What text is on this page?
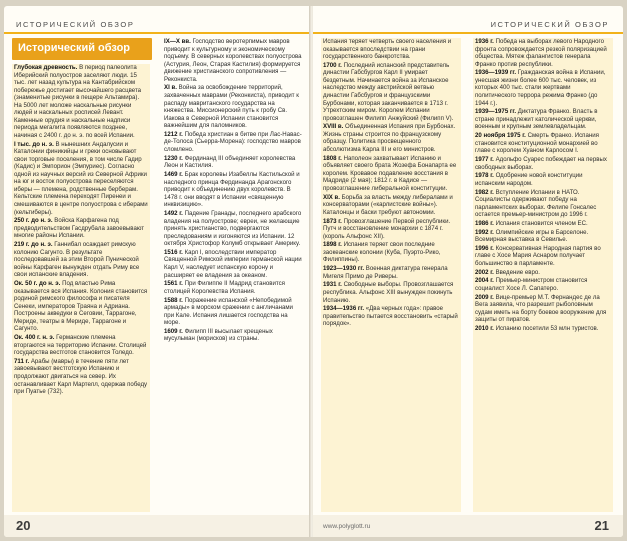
ИСТОРИЧЕСКИЙ ОБЗОР
Исторический обзор

Глубокая древность. В период палеолита Иберийский полуостров заселяют люди. 15 тыс. лет назад культура на Кантабрийском побережье достигает высочайшего расцвета (знаменитые рисунки в пещере Альтамира). На 5000 лет моложе наскальные рисунки людей и наскальных росписей Левант. Каменные орудия и наскальные надписи периода мегалита появляются позднее, начиная с 2400 г. до н. э. по всей Испании.

I тыс. до н. э. В нынешних Андалусии и Каталонии финикийцы и греки основывают свои торговые поселения, в том числе Гадир (Кадис) и Эмпорион (Эмпуриес). Согласно одной из научных версий из Северной Африки на юг и восток полуострова переселяются иберы — племена, родственные берберам. Кельтские племена переходят Пиренеи и смешиваются в центре полуострова с иберами (кельтиберы).

250 г. до н. э. Войска Карфагена под предводительством Гасдрубала завоевывают многие районы Испании.

219 г. до н. э. Ганнибал осаждает римскую колонию Сагунто. В результате последовавшей за этим Второй Пунической войны Карфаген вынужден отдать Риму все свои испанские владения.

Ок. 50 г. до н. э. Под властью Рима оказывается вся Испания. Колония становится родиной римского философа и писателя Сенеки, императоров Траяна и Адриана. Построены акведуки в Сеговии, Таррагоне, Мериде, театры в Мериде, Таррагоне и Сагунто.

Ок. 400 г. н. э. Германские племена вторгаются на территорию Испании. Столицей государства вестготов становится Толедо.

711 г. Арабы (мавры) в течение пяти лет завоевывают вестготскую Испанию и продолжают двигаться на север. Их останавливает Карл Мартелл, одержав победу при Пуатье (732).

IX—X вв. Господство веротерпимых мавров приводит к культурному и экономическому подъему. В северных королевствах полуострова (Астурия, Леон, Старая Кастилия) формируется движение христианского сопротивления — Реконкиста.

XI в. Война за освобождение территорий, захваченных маврами (Реконкиста), приводит к распаду мавританского государства на княжества. Миссионерский путь к гробу Св. Иакова в Северной Испании становится важнейшим для паломников.

1212 г. Победа христиан в битве при Лас-Навас-де-Толоса (Сьерра-Морена): господство мавров сломлено.

1230 г. Фердинанд III объединяет королевства Леон и Кастилия.

1469 г. Брак королевы Изабеллы Кастильской и наследного принца Фердинанда Арагонского приводит к объединению двух королевств. В 1478 г. они вводят в Испании «священную инквизицию».

1492 г. Падение Гранады, последнего арабского владения на полуострове; евреи, не желающие принять христианство, подвергаются преследованиям и изгоняются из Испании. 12 октября Христофор Колумб открывает Америку.

1516 г. Карл I, впоследствии император Священной Римской империи германской нации Карл V, наследует испанскую корону и расширяет ее владения за океаном.

1561 г. При Филиппе II Мадрид становится столицей Королевства Испания.

1588 г. Поражение испанской «Непобедимой армады» в морском сражении с англичанами при Кале. Испания лишается господства на море.

1609 г. Филипп III высылает крещеных мусульман (морисков) из страны.

20
ИСТОРИЧЕСКИЙ ОБЗОР

Испания теряет четверть своего населения и оказывается впоследствии на грани государственного банкротства.

1700 г. Последний испанский представитель династии Габсбургов Карл II умирает бездетным. Начинается война за Испанское наследство между австрийской ветвью династии Габсбургов и французскими Бурбонами, которая заканчивается в 1713 г. Утрехтским миром. Королем Испании провозглашен Филипп Анжуйский (Филипп V).

XVIII в. Объединенная Испания при Бурбонах. Жизнь страны строится по французскому образцу. Политика просвещенного абсолютизма Карла III и его министров.

1808 г. Наполеон захватывает Испанию и объявляет своего брата Жозефа Бонапарта ее королем. Кровавое подавление восстания в Мадриде (2 мая); 1812 г. в Кадисе — провозглашение либеральной конституции.

XIX в. Борьба за власть между либералами и консерваторами («карлистские войны»). Каталонцы и баски требуют автономии.

1873 г. Провозглашение Первой республики. Путч и восстановление монархии с 1874 г. (король Альфонс XII).

1898 г. Испания теряет свои последние заокеанские колонии (Куба, Пуэрто-Рико, Филиппины).

1923—1930 гг. Военная диктатура генерала Мигеля Примо де Риверы.

1931 г. Свободные выборы. Провозглашается республика. Альфонс XIII вынужден покинуть Испанию.

1934—1936 гг. «Два черных года»: правое правительство пытается восстановить «старый порядок».

1936 г. Победа на выборах левого Народного фронта сопровождается резкой поляризацией общества. Мятеж фалангистов генерала Франко против республики.

1936—1939 гг. Гражданская война в Испании, унесшая жизни более 600 тыс. человек, из которых 400 тыс. стали жертвами политического террора режима Франко (до 1944 г.).

1939—1975 гг. Диктатура Франко. Власть в стране принадлежит католической церкви, военным и крупным землевладельцам.

20 ноября 1975 г. Смерть Франко. Испания становится конституционной монархией во главе с королем Хуаном Карлосом I.

1977 г. Адольфо Суарес побеждает на первых свободных выборах.

1978 г. Одобрение новой конституции испанским народом.

1982 г. Вступление Испании в НАТО. Социалисты одерживают победу на парламентских выборах. Фелипе Гонсалес остается премьер-министром до 1996 г.

1986 г. Испания становится членом ЕС.

1992 г. Олимпийские игры в Барселоне. Всемирная выставка в Севилье.

1996 г. Консервативная Народная партия во главе с Хосе Мария Аснаром получает большинство в парламенте.

2002 г. Введение евро.

2004 г. Премьер-министром становится социалист Хосе Л. Сапатеро.

2009 г. Вице-премьер М.Т. Фернандес де ла Вега заявила, что разрешит рыболовным судам иметь на борту боевое вооружение для защиты от пиратов.

2010 г. Испанию посетили 53 млн туристов.

www.polyglott.ru	21
